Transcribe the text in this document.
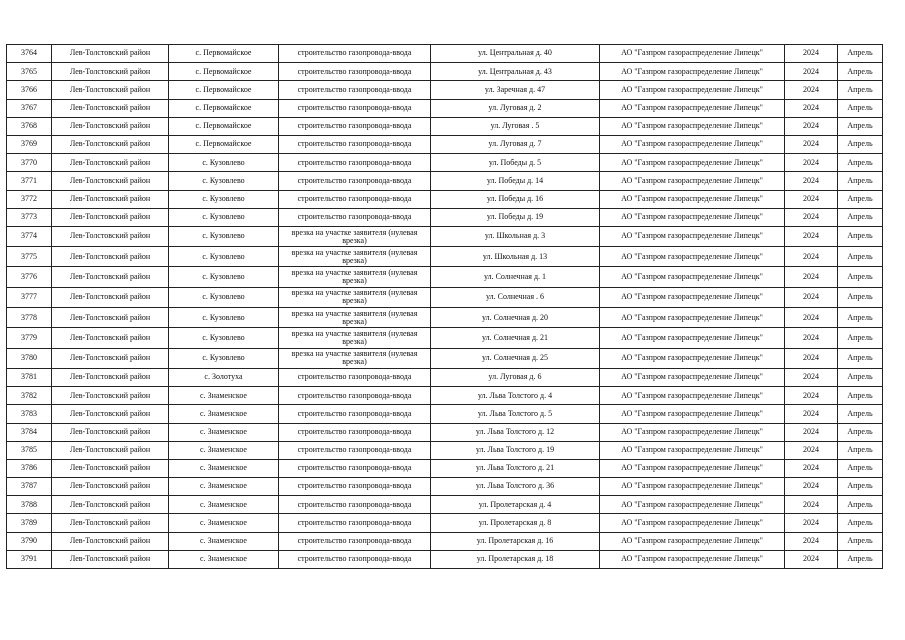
3764	Лев-Толстовский район	с. Первомайское	строительство газопровода-ввода	ул. Центральная д. 40	АО "Газпром газораспределение Липецк"	2024	Апрель
3765	Лев-Толстовский район	с. Первомайское	строительство газопровода-ввода	ул. Центральная д. 43	АО "Газпром газораспределение Липецк"	2024	Апрель
3766	Лев-Толстовский район	с. Первомайское	строительство газопровода-ввода	ул. Заречная д. 47	АО "Газпром газораспределение Липецк"	2024	Апрель
3767	Лев-Толстовский район	с. Первомайское	строительство газопровода-ввода	ул. Луговая д. 2	АО "Газпром газораспределение Липецк"	2024	Апрель
3768	Лев-Толстовский район	с. Первомайское	строительство газопровода-ввода	ул. Луговая . 5	АО "Газпром газораспределение Липецк"	2024	Апрель
3769	Лев-Толстовский район	с. Первомайское	строительство газопровода-ввода	ул. Луговая д. 7	АО "Газпром газораспределение Липецк"	2024	Апрель
3770	Лев-Толстовский район	с. Кузовлево	строительство газопровода-ввода	ул. Победы д. 5	АО "Газпром газораспределение Липецк"	2024	Апрель
3771	Лев-Толстовский район	с. Кузовлево	строительство газопровода-ввода	ул. Победы д. 14	АО "Газпром газораспределение Липецк"	2024	Апрель
3772	Лев-Толстовский район	с. Кузовлево	строительство газопровода-ввода	ул. Победы д. 16	АО "Газпром газораспределение Липецк"	2024	Апрель
3773	Лев-Толстовский район	с. Кузовлево	строительство газопровода-ввода	ул. Победы д. 19	АО "Газпром газораспределение Липецк"	2024	Апрель
3774	Лев-Толстовский район	с. Кузовлево	врезка на участке заявителя (нулевая врезка)	ул. Школьная д. 3	АО "Газпром газораспределение Липецк"	2024	Апрель
3775	Лев-Толстовский район	с. Кузовлево	врезка на участке заявителя (нулевая врезка)	ул. Школьная д. 13	АО "Газпром газораспределение Липецк"	2024	Апрель
3776	Лев-Толстовский район	с. Кузовлево	врезка на участке заявителя (нулевая врезка)	ул. Солнечная д. 1	АО "Газпром газораспределение Липецк"	2024	Апрель
3777	Лев-Толстовский район	с. Кузовлево	врезка на участке заявителя (нулевая врезка)	ул. Солнечная . 6	АО "Газпром газораспределение Липецк"	2024	Апрель
3778	Лев-Толстовский район	с. Кузовлево	врезка на участке заявителя (нулевая врезка)	ул. Солнечная д. 20	АО "Газпром газораспределение Липецк"	2024	Апрель
3779	Лев-Толстовский район	с. Кузовлево	врезка на участке заявителя (нулевая врезка)	ул. Солнечная д. 21	АО "Газпром газораспределение Липецк"	2024	Апрель
3780	Лев-Толстовский район	с. Кузовлево	врезка на участке заявителя (нулевая врезка)	ул. Солнечная д. 25	АО "Газпром газораспределение Липецк"	2024	Апрель
3781	Лев-Толстовский район	с. Золотуха	строительство газопровода-ввода	ул. Луговая д. 6	АО "Газпром газораспределение Липецк"	2024	Апрель
3782	Лев-Толстовский район	с. Знаменское	строительство газопровода-ввода	ул. Льва Толстого д. 4	АО "Газпром газораспределение Липецк"	2024	Апрель
3783	Лев-Толстовский район	с. Знаменское	строительство газопровода-ввода	ул. Льва Толстого д. 5	АО "Газпром газораспределение Липецк"	2024	Апрель
3784	Лев-Толстовский район	с. Знаменское	строительство газопровода-ввода	ул. Льва Толстого д. 12	АО "Газпром газораспределение Липецк"	2024	Апрель
3785	Лев-Толстовский район	с. Знаменское	строительство газопровода-ввода	ул. Льва Толстого д. 19	АО "Газпром газораспределение Липецк"	2024	Апрель
3786	Лев-Толстовский район	с. Знаменское	строительство газопровода-ввода	ул. Льва Толстого д. 21	АО "Газпром газораспределение Липецк"	2024	Апрель
3787	Лев-Толстовский район	с. Знаменское	строительство газопровода-ввода	ул. Льва Толстого д. 36	АО "Газпром газораспределение Липецк"	2024	Апрель
3788	Лев-Толстовский район	с. Знаменское	строительство газопровода-ввода	ул. Пролетарская д. 4	АО "Газпром газораспределение Липецк"	2024	Апрель
3789	Лев-Толстовский район	с. Знаменское	строительство газопровода-ввода	ул. Пролетарская д. 8	АО "Газпром газораспределение Липецк"	2024	Апрель
3790	Лев-Толстовский район	с. Знаменское	строительство газопровода-ввода	ул. Пролетарская д. 16	АО "Газпром газораспределение Липецк"	2024	Апрель
3791	Лев-Толстовский район	с. Знаменское	строительство газопровода-ввода	ул. Пролетарская д. 18	АО "Газпром газораспределение Липецк"	2024	Апрель
